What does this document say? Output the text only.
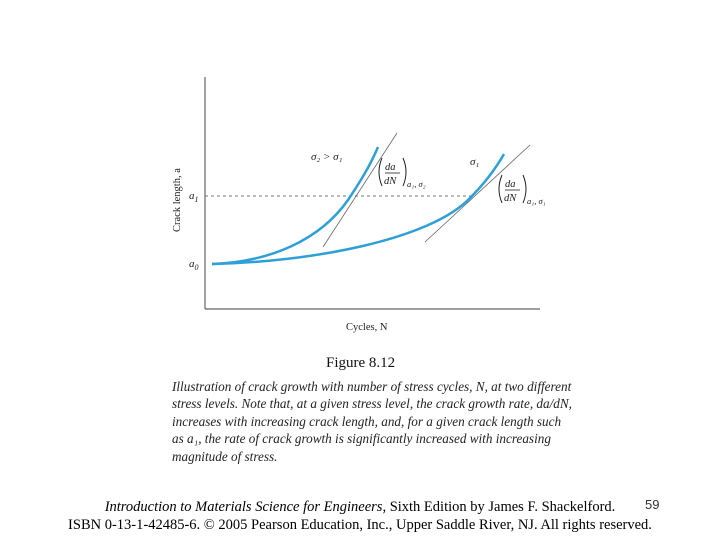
Crack length, a
Cycles, N
$a_1$
$a_0$
σ₂ > σ₁	σ₁
da
dN a₁, σ₂	da
dN a₁, σ₁
Figure 8.12
Illustration of crack growth with number of stress cycles, N, at two different stress levels. Note that, at a given stress level, the crack growth rate, da/dN, increases with increasing crack length, and, for a given crack length such as a₁, the rate of crack growth is significantly increased with increasing magnitude of stress.
59
Introduction to Materials Science for Engineers, Sixth Edition by James F. Shackelford.
ISBN 0-13-1-42485-6. © 2005 Pearson Education, Inc., Upper Saddle River, NJ. All rights reserved.
